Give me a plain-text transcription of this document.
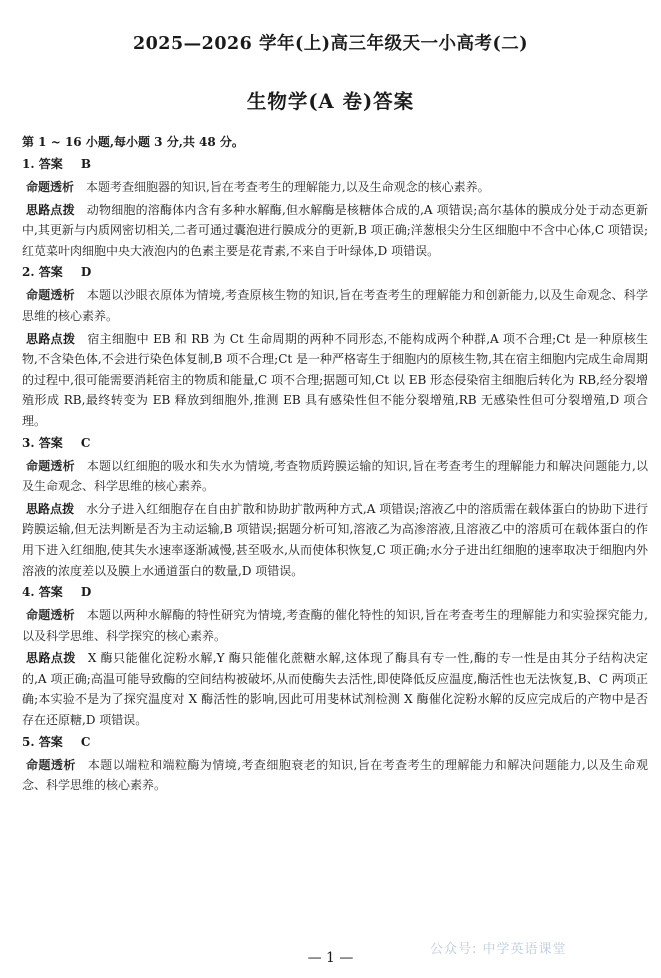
2025—2026 学年(上)高三年级天一小高考(二)
生物学(A 卷)答案
第 1 ~ 16 小题,每小题 3 分,共 48 分。
1. 答案 B

命题透析 本题考查细胞器的知识,旨在考查考生的理解能力,以及生命观念的核心素养。

思路点拨 动物细胞的溶酶体内含有多种水解酶,但水解酶是核糖体合成的,A 项错误;高尔基体的膜成分处于动态更新中,其更新与内质网密切相关,二者可通过囊泡进行膜成分的更新,B 项正确;洋葱根尖分生区细胞中不含中心体,C 项错误;红苋菜叶肉细胞中央大液泡内的色素主要是花青素,不来自于叶绿体,D 项错误。

2. 答案 D

命题透析 本题以沙眼衣原体为情境,考查原核生物的知识,旨在考查考生的理解能力和创新能力,以及生命观念、科学思维的核心素养。

思路点拨 宿主细胞中 EB 和 RB 为 Ct 生命周期的两种不同形态,不能构成两个种群,A 项不合理;Ct 是一种原核生物,不含染色体,不会进行染色体复制,B 项不合理;Ct 是一种严格寄生于细胞内的原核生物,其在宿主细胞内完成生命周期的过程中,很可能需要消耗宿主的物质和能量,C 项不合理;据题可知,Ct 以 EB 形态侵染宿主细胞后转化为 RB,经分裂增殖形成 RB,最终转变为 EB 释放到细胞外,推测 EB 具有感染性但不能分裂增殖,RB 无感染性但可分裂增殖,D 项合理。

3. 答案 C

命题透析 本题以红细胞的吸水和失水为情境,考查物质跨膜运输的知识,旨在考查考生的理解能力和解决问题能力,以及生命观念、科学思维的核心素养。

思路点拨 水分子进入红细胞存在自由扩散和协助扩散两种方式,A 项错误;溶液乙中的溶质需在载体蛋白的协助下进行跨膜运输,但无法判断是否为主动运输,B 项错误;据题分析可知,溶液乙为高渗溶液,且溶液乙中的溶质可在载体蛋白的作用下进入红细胞,使其失水速率逐渐减慢,甚至吸水,从而使体积恢复,C 项正确;水分子进出红细胞的速率取决于细胞内外溶液的浓度差以及膜上水通道蛋白的数量,D 项错误。

4. 答案 D

命题透析 本题以两种水解酶的特性研究为情境,考查酶的催化特性的知识,旨在考查考生的理解能力和实验探究能力,以及科学思维、科学探究的核心素养。

思路点拨 X 酶只能催化淀粉水解,Y 酶只能催化蔗糖水解,这体现了酶具有专一性,酶的专一性是由其分子结构决定的,A 项正确;高温可能导致酶的空间结构被破坏,从而使酶失去活性,即使降低反应温度,酶活性也无法恢复,B、C 两项正确;本实验不是为了探究温度对 X 酶活性的影响,因此可用斐林试剂检测 X 酶催化淀粉水解的反应完成后的产物中是否存在还原糖,D 项错误。

5. 答案 C

命题透析 本题以端粒和端粒酶为情境,考查细胞衰老的知识,旨在考查考生的理解能力和解决问题能力,以及生命观念、科学思维的核心素养。

公众号: 中学英语课堂
— 1 —
